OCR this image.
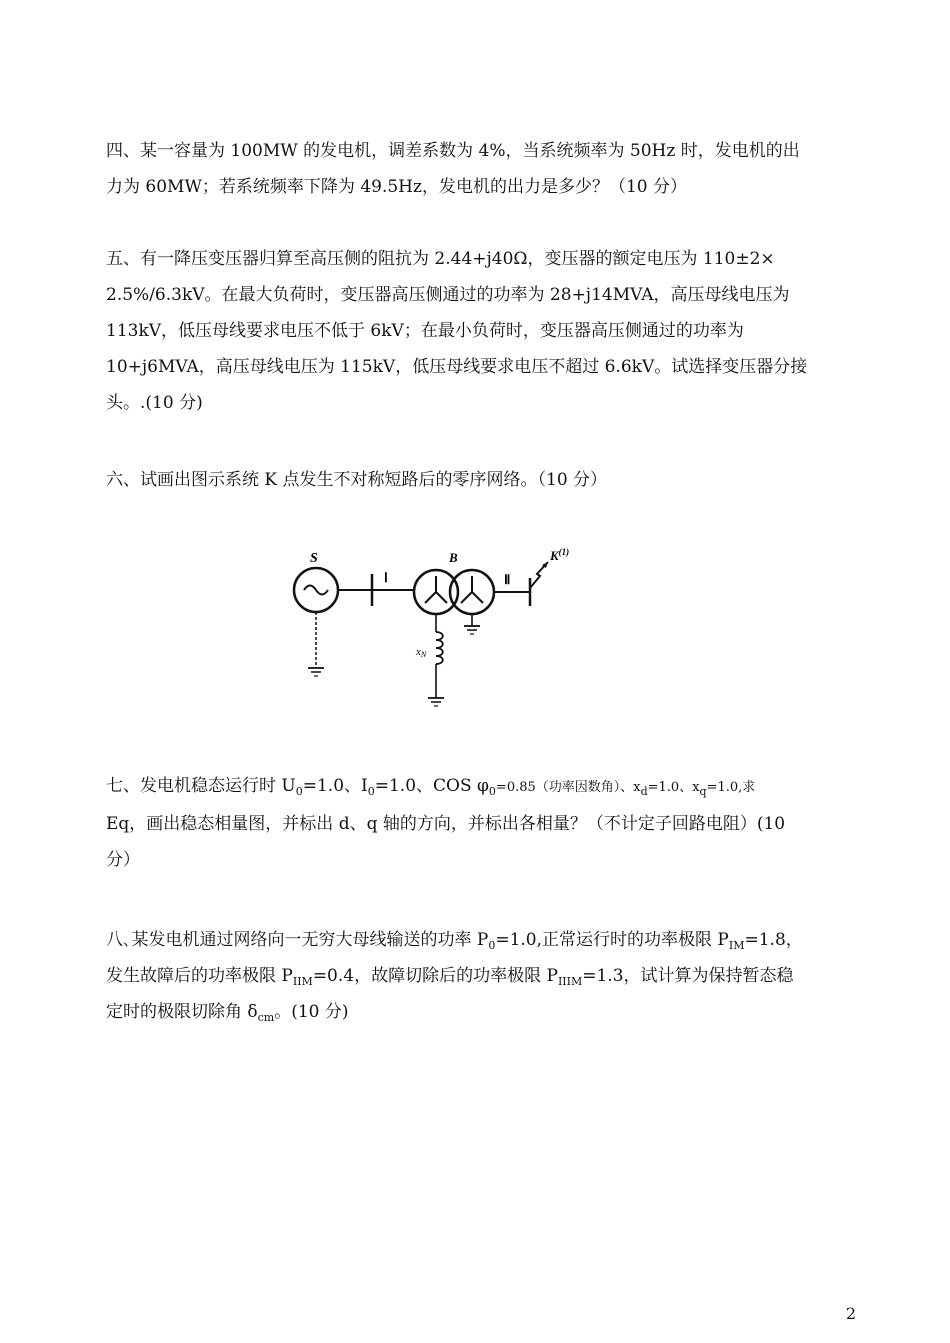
四、某一容量为 100MW 的发电机，调差系数为 4%，当系统频率为 50Hz 时，发电机的出
力为 60MW；若系统频率下降为 49.5Hz，发电机的出力是多少？（10 分）
五、有一降压变压器归算至高压侧的阻抗为 2.44+j40Ω，变压器的额定电压为 110±2×
2.5%/6.3kV。在最大负荷时，变压器高压侧通过的功率为 28+j14MVA，高压母线电压为
113kV，低压母线要求电压不低于 6kV；在最小负荷时，变压器高压侧通过的功率为
10+j6MVA，高压母线电压为 115kV，低压母线要求电压不超过 6.6kV。试选择变压器分接
头。.(10 分)
六、试画出图示系统 K 点发生不对称短路后的零序网络。（10 分）
S
Ⅰ
B
xN
Ⅱ
$K^{(1)}$
七、发电机稳态运行时 $U_0=1.0$、$I_0=1.0$、COS $\varphi_0=0.85$（功率因数角）、$x_d=1.0$、$x_q=1.0$,求
Eq，画出稳态相量图，并标出 d、q 轴的方向，并标出各相量？（不计定子回路电阻）(10
分）
八､某发电机通过网络向一无穷大母线输送的功率 $P_0=1.0$,正常运行时的功率极限 $P_{IM}=1.8$，
发生故障后的功率极限 $P_{IIM}=0.4$，故障切除后的功率极限 $P_{IIIM}=1.3$，试计算为保持暂态稳
定时的极限切除角 $\delta_{cm}$。(10 分)
2
